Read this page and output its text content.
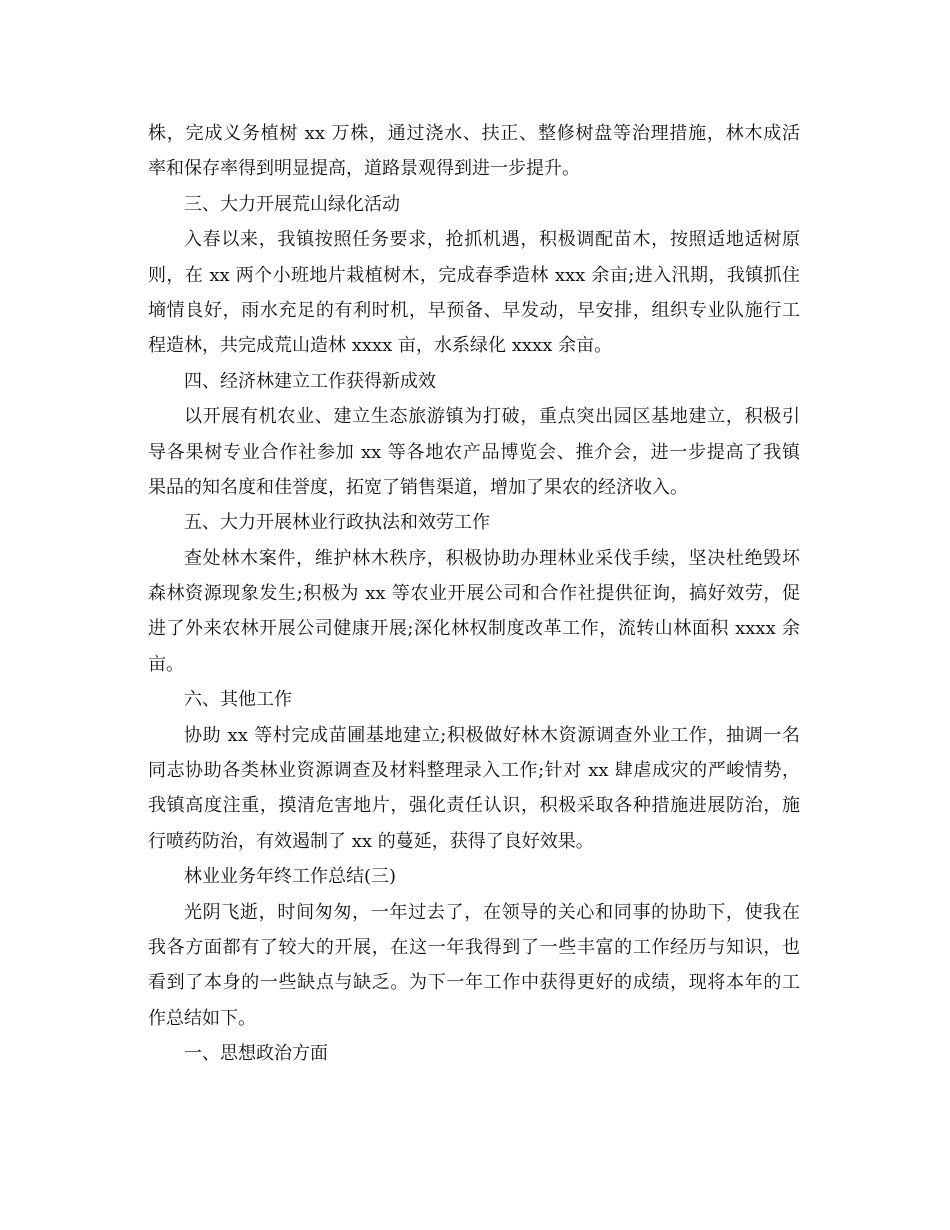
株，完成义务植树 xx 万株，通过浇水、扶正、整修树盘等治理措施，林木成活
率和保存率得到明显提高，道路景观得到进一步提升。
三、大力开展荒山绿化活动
入春以来，我镇按照任务要求，抢抓机遇，积极调配苗木，按照适地适树原
则，在 xx 两个小班地片栽植树木，完成春季造林 xxx 余亩;进入汛期，我镇抓住
墒情良好，雨水充足的有利时机，早预备、早发动，早安排，组织专业队施行工
程造林，共完成荒山造林 xxxx 亩，水系绿化 xxxx 余亩。
四、经济林建立工作获得新成效
以开展有机农业、建立生态旅游镇为打破，重点突出园区基地建立，积极引
导各果树专业合作社参加 xx 等各地农产品博览会、推介会，进一步提高了我镇
果品的知名度和佳誉度，拓宽了销售渠道，增加了果农的经济收入。
五、大力开展林业行政执法和效劳工作
查处林木案件，维护林木秩序，积极协助办理林业采伐手续，坚决杜绝毁坏
森林资源现象发生;积极为 xx 等农业开展公司和合作社提供征询，搞好效劳，促
进了外来农林开展公司健康开展;深化林权制度改革工作，流转山林面积 xxxx 余
亩。
六、其他工作
协助 xx 等村完成苗圃基地建立;积极做好林木资源调查外业工作，抽调一名
同志协助各类林业资源调查及材料整理录入工作;针对 xx 肆虐成灾的严峻情势，
我镇高度注重，摸清危害地片，强化责任认识，积极采取各种措施进展防治，施
行喷药防治，有效遏制了 xx 的蔓延，获得了良好效果。
林业业务年终工作总结(三)
光阴飞逝，时间匆匆，一年过去了，在领导的关心和同事的协助下，使我在
我各方面都有了较大的开展，在这一年我得到了一些丰富的工作经历与知识，也
看到了本身的一些缺点与缺乏。为下一年工作中获得更好的成绩，现将本年的工
作总结如下。
一、思想政治方面
